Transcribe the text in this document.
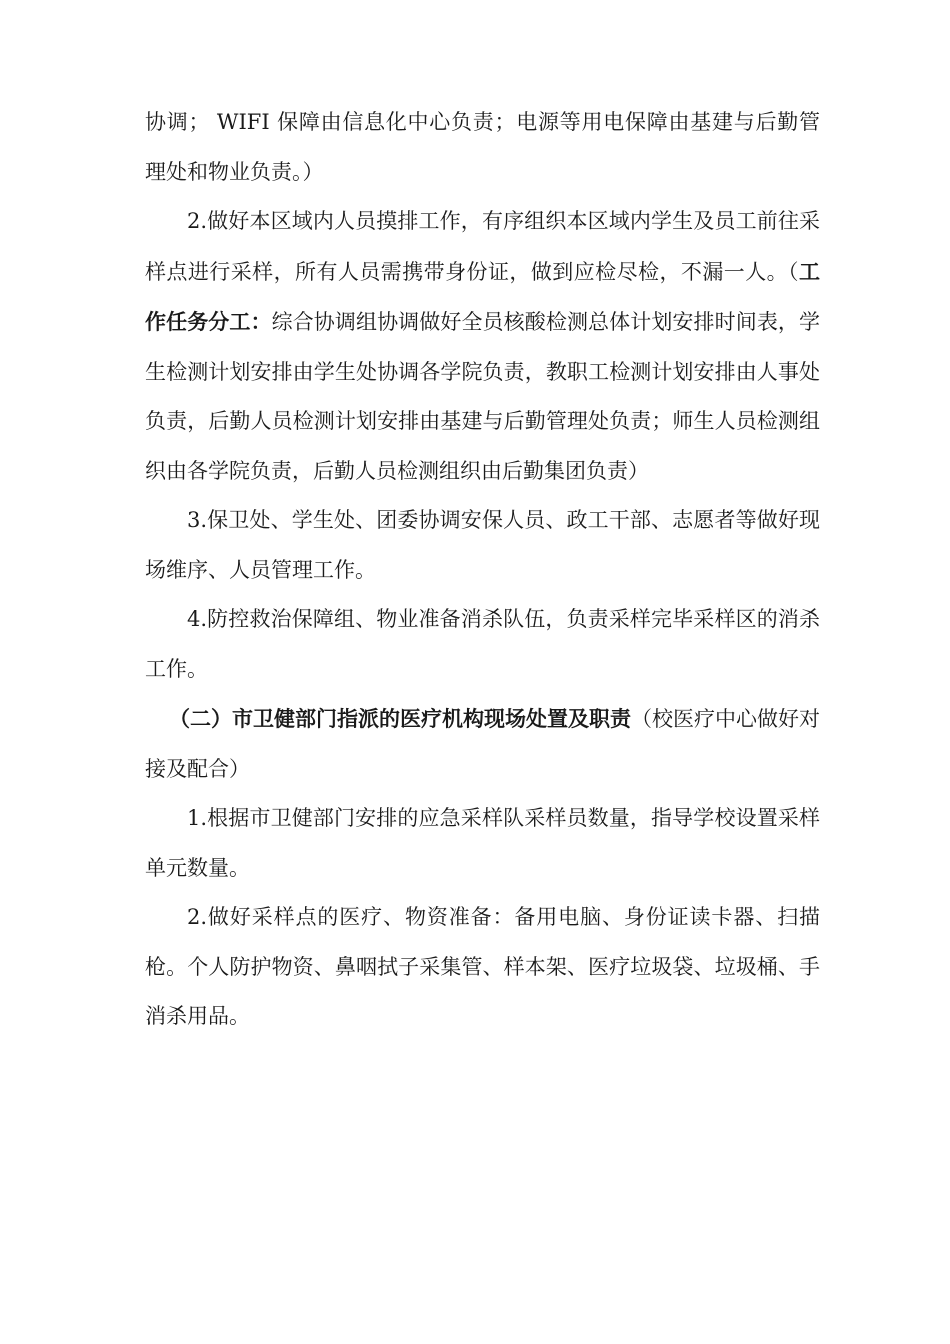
协调； WIFI 保障由信息化中心负责；电源等用电保障由基建与后勤管理处和物业负责。）

2.做好本区域内人员摸排工作，有序组织本区域内学生及员工前往采样点进行采样，所有人员需携带身份证，做到应检尽检，不漏一人。（工作任务分工：综合协调组协调做好全员核酸检测总体计划安排时间表，学生检测计划安排由学生处协调各学院负责，教职工检测计划安排由人事处负责，后勤人员检测计划安排由基建与后勤管理处负责；师生人员检测组织由各学院负责，后勤人员检测组织由后勤集团负责）

3.保卫处、学生处、团委协调安保人员、政工干部、志愿者等做好现场维序、人员管理工作。

4.防控救治保障组、物业准备消杀队伍，负责采样完毕采样区的消杀工作。

（二）市卫健部门指派的医疗机构现场处置及职责（校医疗中心做好对接及配合）

1.根据市卫健部门安排的应急采样队采样员数量，指导学校设置采样单元数量。

2.做好采样点的医疗、物资准备：备用电脑、身份证读卡器、扫描枪。个人防护物资、鼻咽拭子采集管、样本架、医疗垃圾袋、垃圾桶、手消杀用品。
